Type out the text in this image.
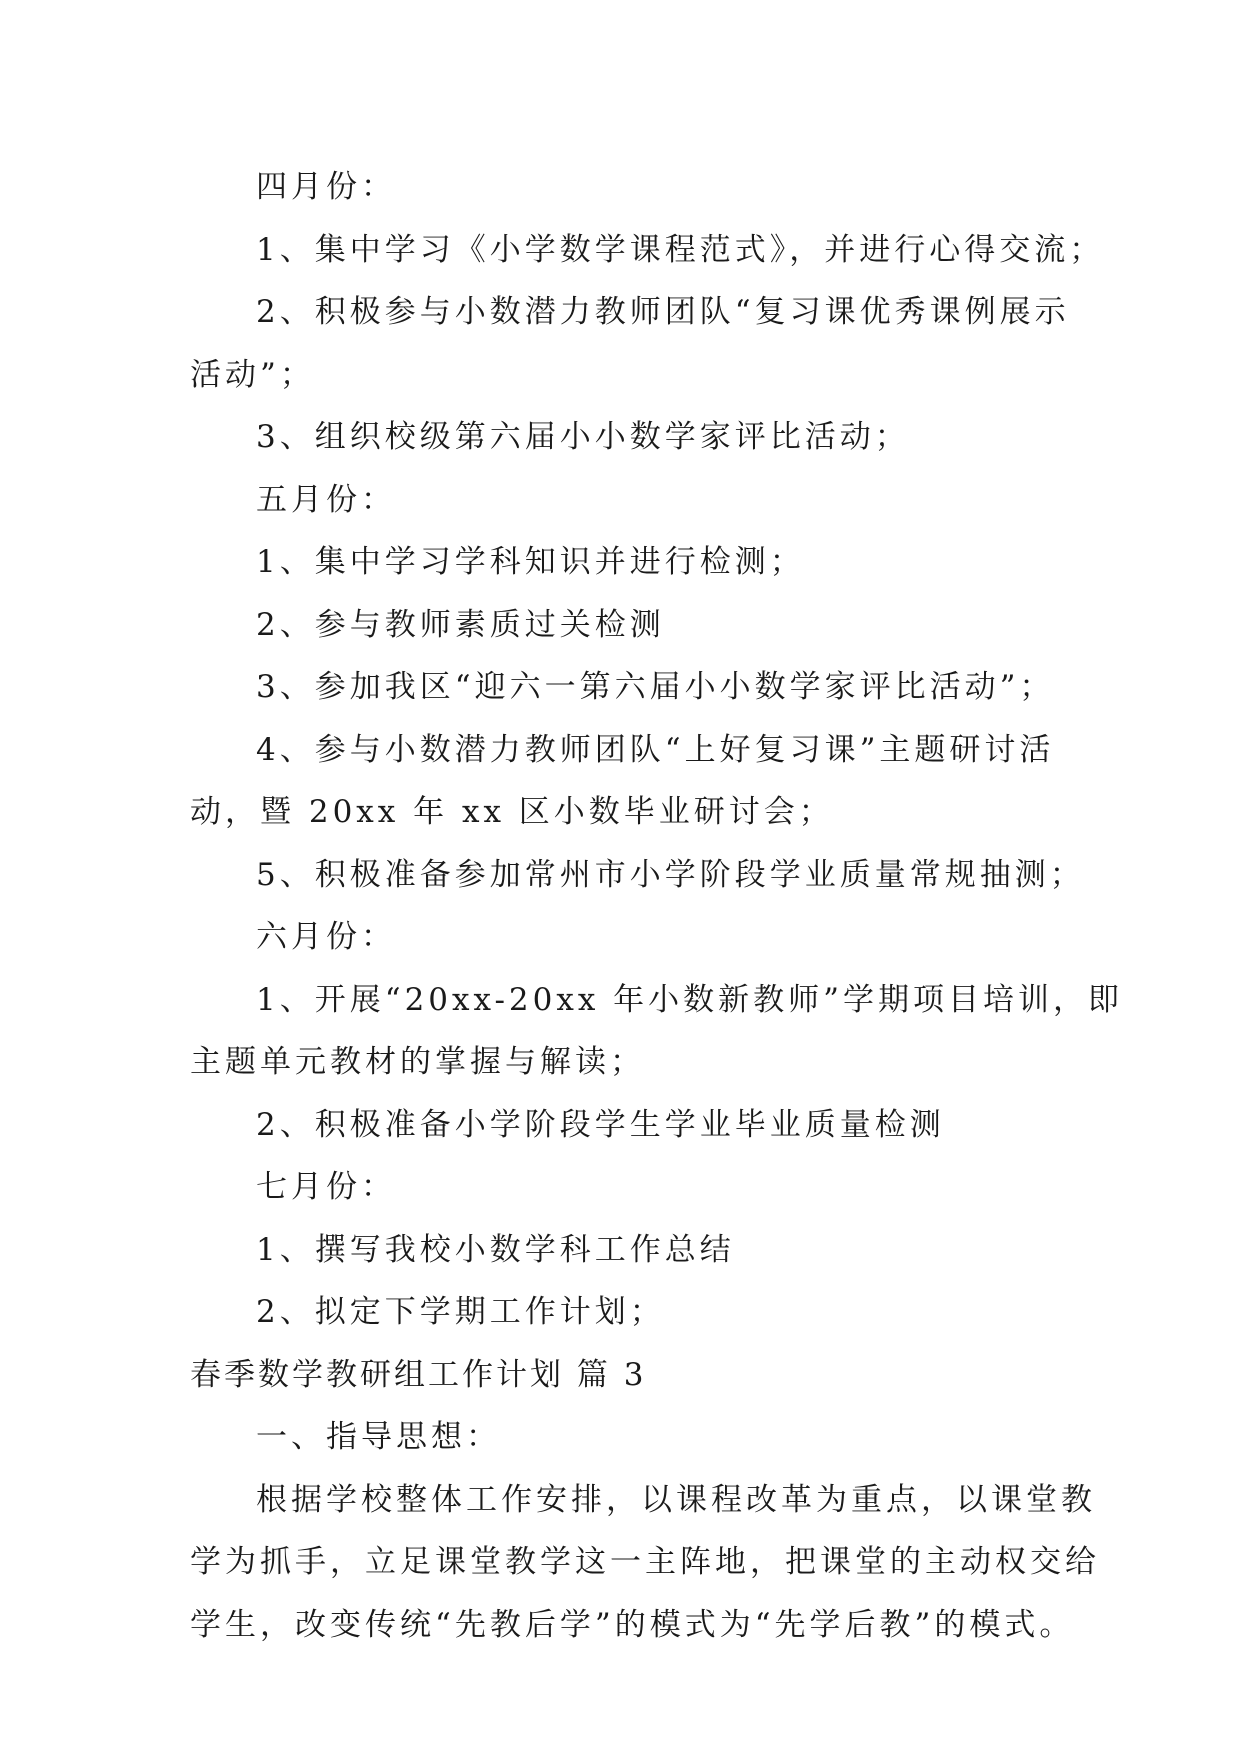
四月份：

1、集中学习《小学数学课程范式》，并进行心得交流；

2、积极参与小数潜力教师团队“复习课优秀课例展示

活动”；

3、组织校级第六届小小数学家评比活动；

五月份：

1、集中学习学科知识并进行检测；

2、参与教师素质过关检测

3、参加我区“迎六一第六届小小数学家评比活动”；

4、参与小数潜力教师团队“上好复习课”主题研讨活

动，暨 20xx 年 xx 区小数毕业研讨会；

5、积极准备参加常州市小学阶段学业质量常规抽测；

六月份：

1、开展“20xx-20xx 年小数新教师”学期项目培训，即

主题单元教材的掌握与解读；

2、积极准备小学阶段学生学业毕业质量检测

七月份：

1、撰写我校小数学科工作总结

2、拟定下学期工作计划；

春季数学教研组工作计划 篇 3

一、指导思想：

根据学校整体工作安排，以课程改革为重点，以课堂教

学为抓手，立足课堂教学这一主阵地，把课堂的主动权交给

学生，改变传统“先教后学”的模式为“先学后教”的模式。
